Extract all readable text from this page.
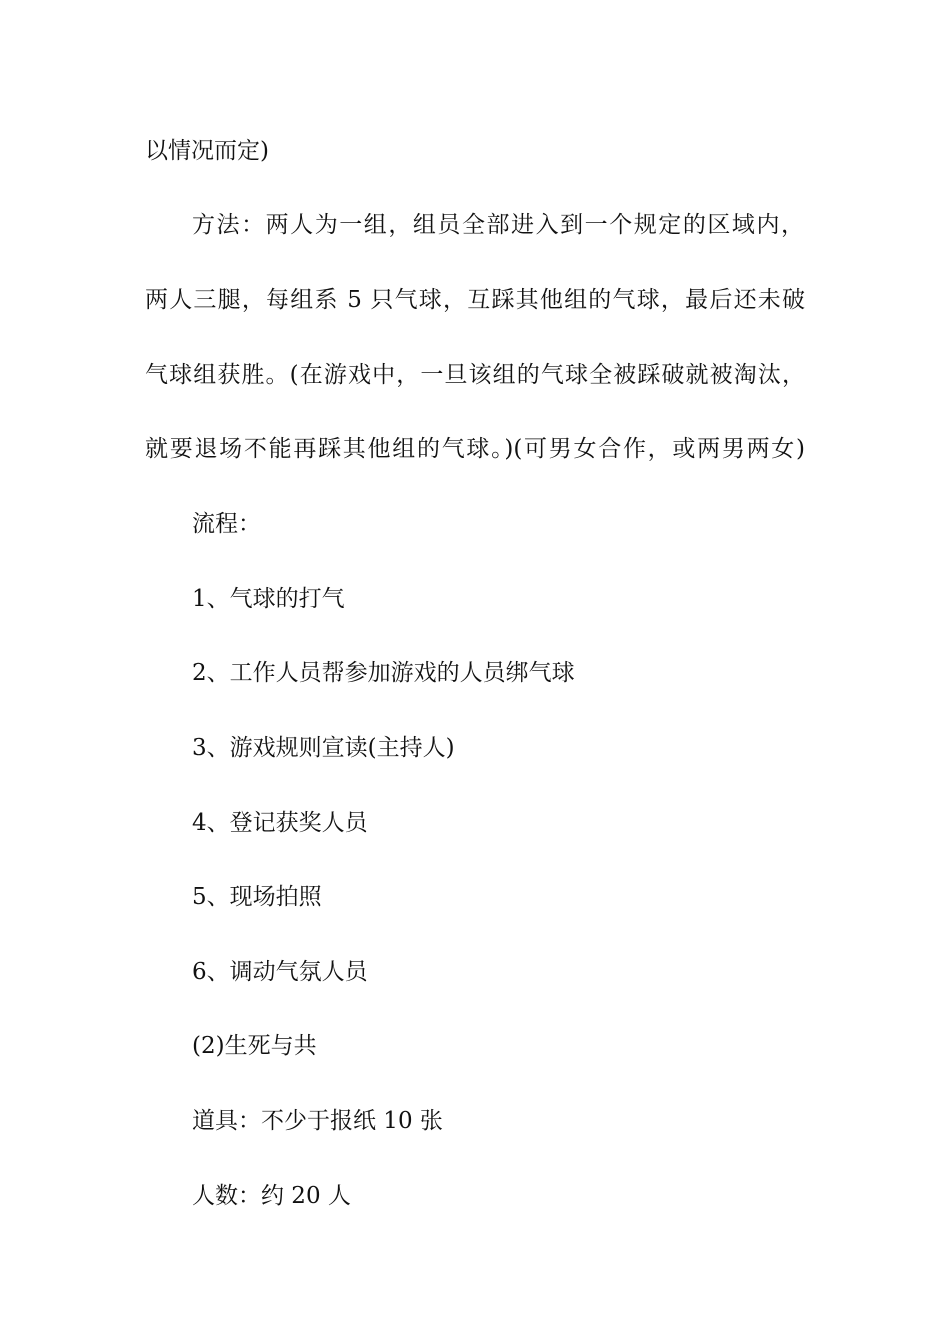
以情况而定)
方法：两人为一组，组员全部进入到一个规定的区域内，
两人三腿，每组系 5 只气球，互踩其他组的气球，最后还未破
气球组获胜。(在游戏中，一旦该组的气球全被踩破就被淘汰，
就要退场不能再踩其他组的气球。)(可男女合作，或两男两女)
流程：
1、气球的打气
2、工作人员帮参加游戏的人员绑气球
3、游戏规则宣读(主持人)
4、登记获奖人员
5、现场拍照
6、调动气氛人员
(2)生死与共
道具：不少于报纸 10 张
人数：约 20 人
